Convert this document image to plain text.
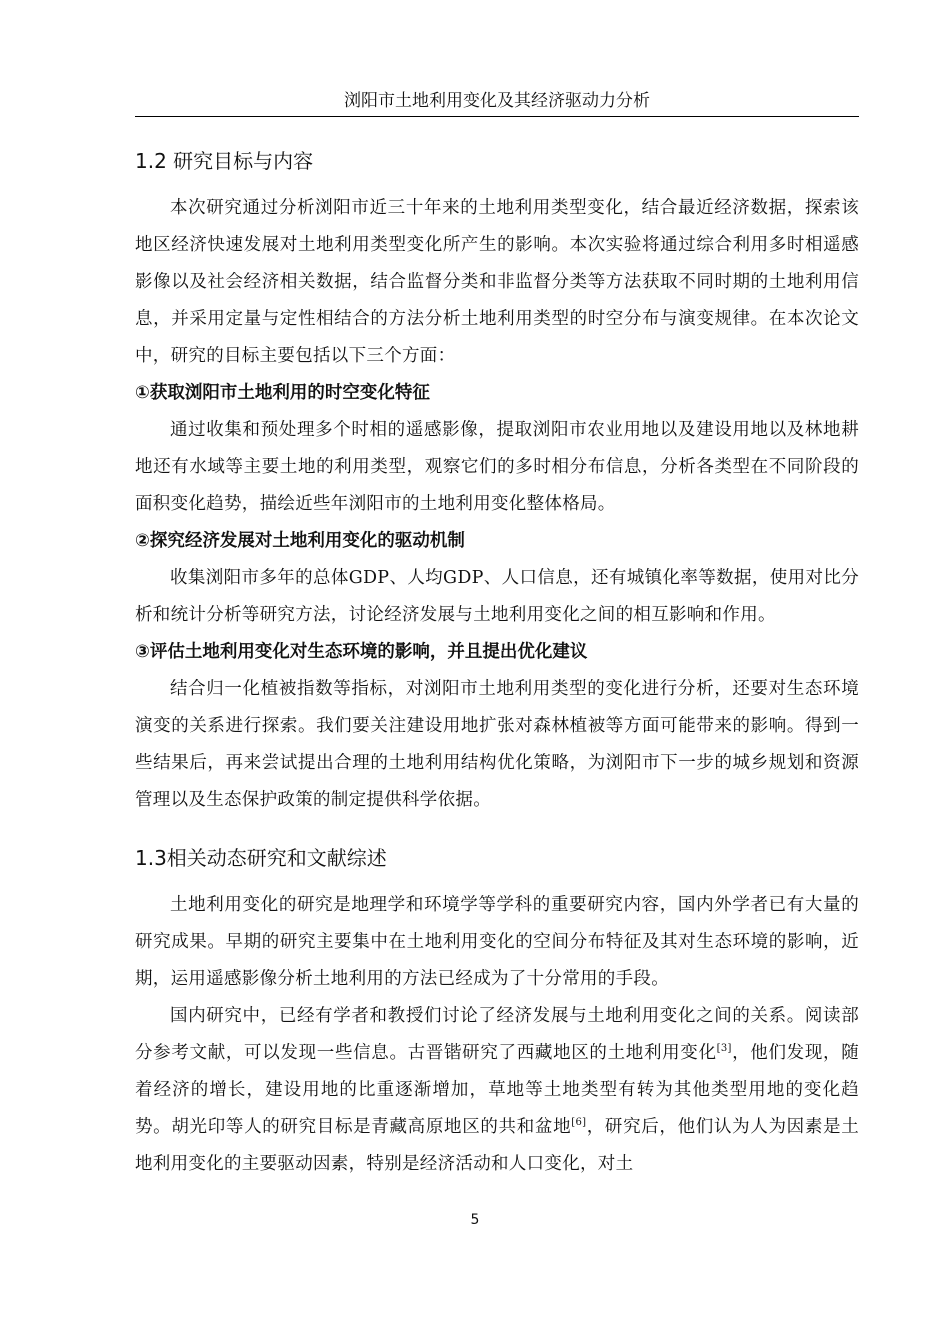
浏阳市土地利用变化及其经济驱动力分析
1.2 研究目标与内容

本次研究通过分析浏阳市近三十年来的土地利用类型变化，结合最近经济数据，探索该地区经济快速发展对土地利用类型变化所产生的影响。本次实验将通过综合利用多时相遥感影像以及社会经济相关数据，结合监督分类和非监督分类等方法获取不同时期的土地利用信息，并采用定量与定性相结合的方法分析土地利用类型的时空分布与演变规律。在本次论文中，研究的目标主要包括以下三个方面：

①获取浏阳市土地利用的时空变化特征

通过收集和预处理多个时相的遥感影像，提取浏阳市农业用地以及建设用地以及林地耕地还有水域等主要土地的利用类型，观察它们的多时相分布信息，分析各类型在不同阶段的面积变化趋势，描绘近些年浏阳市的土地利用变化整体格局。

②探究经济发展对土地利用变化的驱动机制

收集浏阳市多年的总体GDP、人均GDP、人口信息，还有城镇化率等数据，使用对比分析和统计分析等研究方法，讨论经济发展与土地利用变化之间的相互影响和作用。

③评估土地利用变化对生态环境的影响，并且提出优化建议

结合归一化植被指数等指标，对浏阳市土地利用类型的变化进行分析，还要对生态环境演变的关系进行探索。我们要关注建设用地扩张对森林植被等方面可能带来的影响。得到一些结果后，再来尝试提出合理的土地利用结构优化策略，为浏阳市下一步的城乡规划和资源管理以及生态保护政策的制定提供科学依据。

1.3相关动态研究和文献综述

土地利用变化的研究是地理学和环境学等学科的重要研究内容，国内外学者已有大量的研究成果。早期的研究主要集中在土地利用变化的空间分布特征及其对生态环境的影响，近期，运用遥感影像分析土地利用的方法已经成为了十分常用的手段。

国内研究中，已经有学者和教授们讨论了经济发展与土地利用变化之间的关系。阅读部分参考文献，可以发现一些信息。古晋锴研究了西藏地区的土地利用变化[3]，他们发现，随着经济的增长，建设用地的比重逐渐增加，草地等土地类型有转为其他类型用地的变化趋势。胡光印等人的研究目标是青藏高原地区的共和盆地[6]，研究后，他们认为人为因素是土地利用变化的主要驱动因素，特别是经济活动和人口变化，对土

5
